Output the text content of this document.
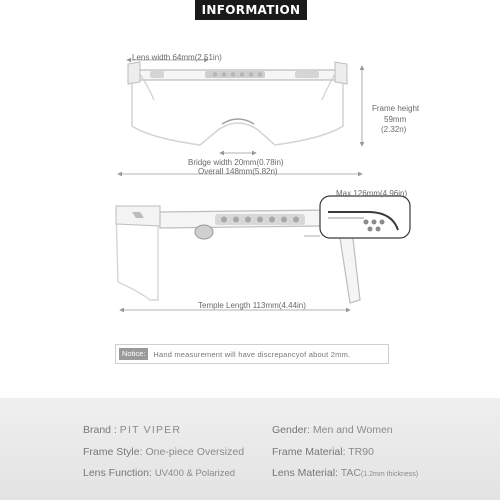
INFORMATION
Lens width 64mm(2.51in)
Frame height
59mm
(2.32n)
Bridge width 20mm(0.78in)
Overall 148mm(5.82n)
Max 126mm(4.96in)
Temple Length 113mm(4.44in)
Notice:	Hand measurement will have discrepancyof about 2mm.
Brand : PIT VIPER	Gender: Men and Women
Frame Style: One-piece Oversized	Frame Material: TR90
Lens Function: UV400 & Polarized	Lens Material: TAC(1.2mm thickness)
